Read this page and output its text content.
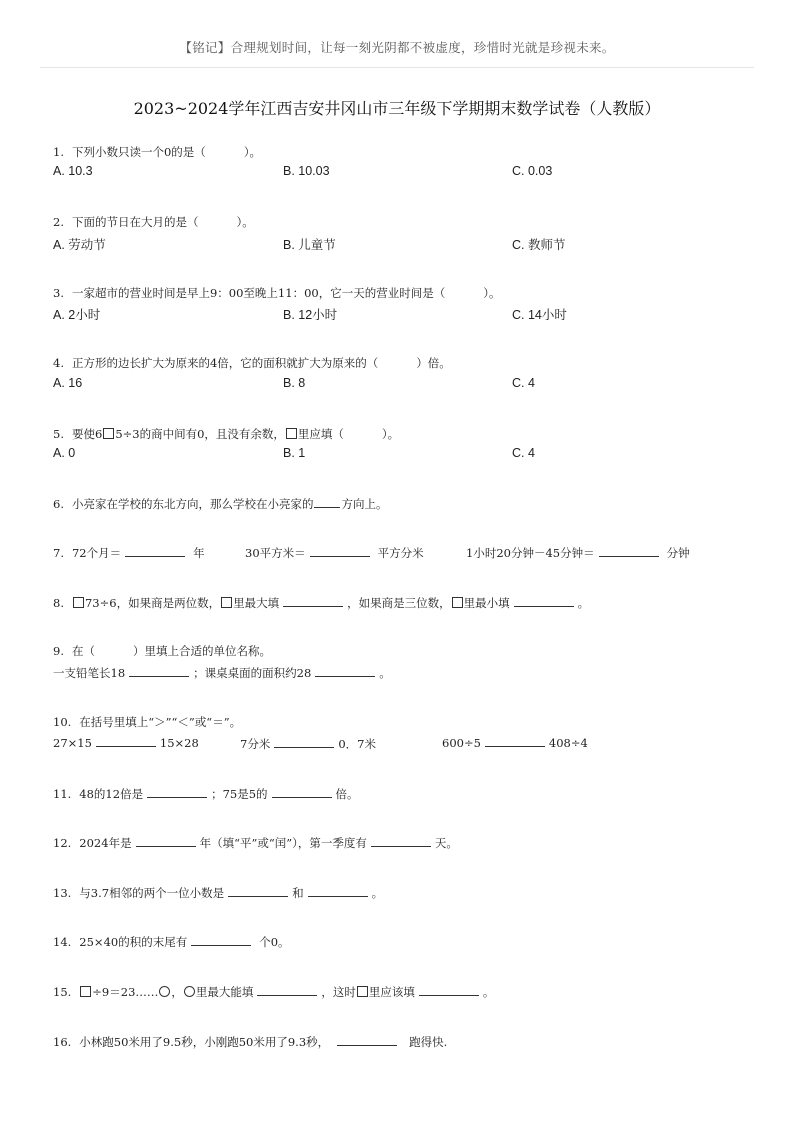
【铭记】合理规划时间，让每一刻光阴都不被虚度，珍惜时光就是珍视未来。
2023~2024学年江西吉安井冈山市三年级下学期期末数学试卷（人教版）
1. 下列小数只读一个0的是（	）。
A. 10.3	B. 10.03	C. 0.03
2. 下面的节日在大月的是（	）。
A. 劳动节	B. 儿童节	C. 教师节
3. 一家超市的营业时间是早上9：00至晚上11：00，它一天的营业时间是（	）。
A. 2小时	B. 12小时	C. 14小时
4. 正方形的边长扩大为原来的4倍，它的面积就扩大为原来的（	）倍。
A. 16	B. 8	C. 4
5. 要使6 5÷3的商中间有0，且没有余数， 里应填（	）。
A. 0	B. 1	C. 4
6. 小亮家在学校的东北方向，那么学校在小亮家的 方向上。
7. 72个月＝	年	30平方米＝	平方分米	1小时20分钟－45分钟＝	分钟
8. 73÷6，如果商是两位数， 里最大填	，如果商是三位数， 里最小填	。
9. 在（	）里填上合适的单位名称。
一支铅笔长18	；课桌桌面的面积约28	。
10. 在括号里填上“＞”“＜”或“＝”。
27×15	15×28	7分米	0．7米	600÷5	408÷4
11. 48的12倍是	；75是5的	倍。
12. 2024年是	年（填“平”或“闰”），第一季度有	天。
13. 与3.7相邻的两个一位小数是	和	。
14. 25×40的积的末尾有	个0。
15. ÷9＝23…… ， 里最大能填	，这时 里应该填	。
16. 小林跑50米用了9.5秒，小刚跑50米用了9.3秒，	跑得快.
